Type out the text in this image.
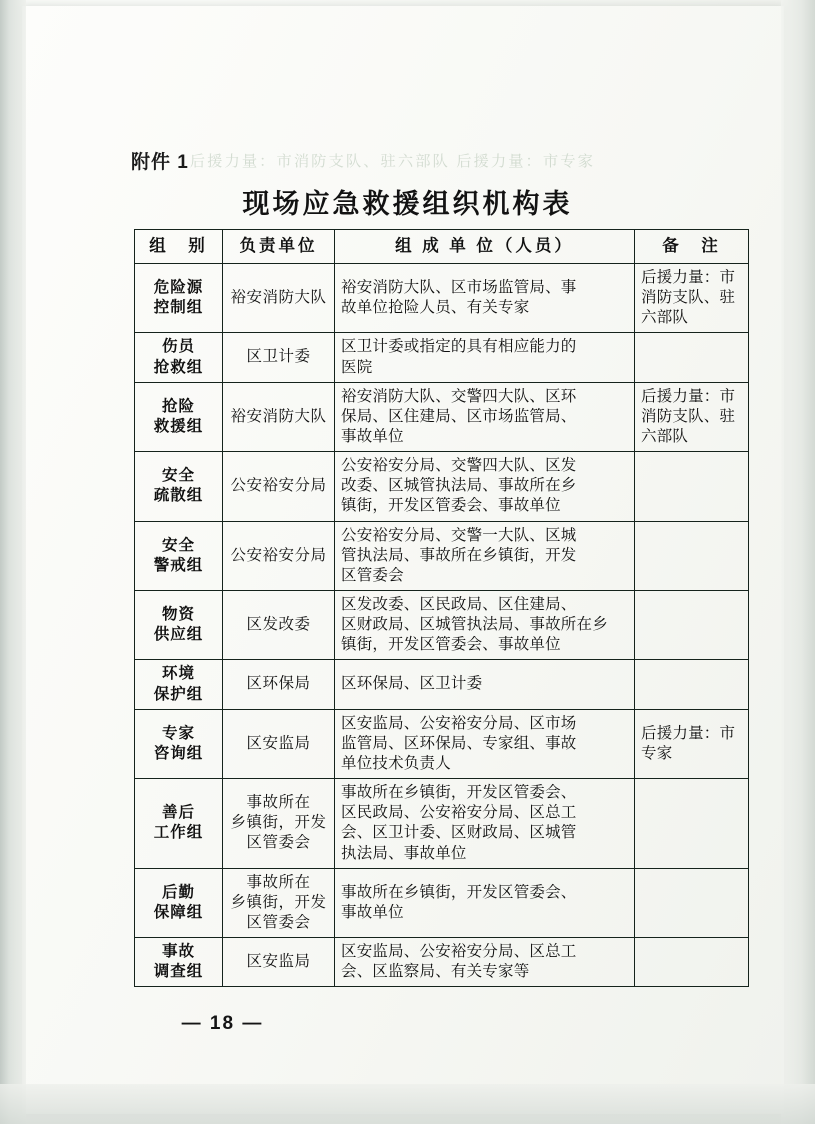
后援力量：市消防支队、驻六部队 后援力量：市专家
附件 1
现场应急救援组织机构表
组　别	负责单位	组 成 单 位（人员）	备　注

危险源
控制组	裕安消防大队	裕安消防大队、区市场监管局、事
故单位抢险人员、有关专家	后援力量：市
消防支队、驻
六部队

伤员
抢救组	区卫计委	区卫计委或指定的具有相应能力的
医院	

抢险
救援组	裕安消防大队	裕安消防大队、交警四大队、区环
保局、区住建局、区市场监管局、
事故单位	后援力量：市
消防支队、驻
六部队

安全
疏散组	公安裕安分局	公安裕安分局、交警四大队、区发
改委、区城管执法局、事故所在乡
镇街，开发区管委会、事故单位	

安全
警戒组	公安裕安分局	公安裕安分局、交警一大队、区城
管执法局、事故所在乡镇街，开发
区管委会	

物资
供应组	区发改委	区发改委、区民政局、区住建局、
区财政局、区城管执法局、事故所在乡
镇街，开发区管委会、事故单位	

环境
保护组	区环保局	区环保局、区卫计委	

专家
咨询组	区安监局	区安监局、公安裕安分局、区市场
监管局、区环保局、专家组、事故
单位技术负责人	后援力量：市
专家

善后
工作组	事故所在
乡镇街，开发
区管委会	事故所在乡镇街，开发区管委会、
区民政局、公安裕安分局、区总工
会、区卫计委、区财政局、区城管
执法局、事故单位	

后勤
保障组	事故所在
乡镇街，开发
区管委会	事故所在乡镇街，开发区管委会、
事故单位	

事故
调查组	区安监局	区安监局、公安裕安分局、区总工
会、区监察局、有关专家等	

— 18 —
